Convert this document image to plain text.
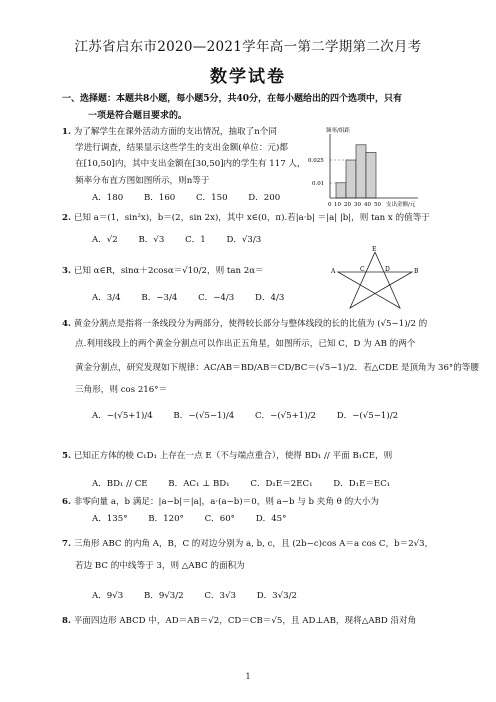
江苏省启东市2020—2021学年高一第二学期第二次月考
数学试卷
一、选择题：本题共8小题，每小题5分，共40分，在每小题给出的四个选项中，只有
一项是符合题目要求的。
1. 为了解学生在课外活动方面的支出情况，抽取了n个同
学进行调查，结果显示这些学生的支出金额(单位：元)都
在[10,50]内，其中支出金额在[30,50]内的学生有 117 人，
频率分布直方图如图所示，则n等于
A．180 B．160 C．150 D．200
频率/组距
0.025
0.01
0 10 20 30 40 50 支出金额/元
2. 已知 a＝(1，sin²x)，b＝(2，sin 2x)，其中 x∈(0，π).若|a·b| ＝|a| |b|，则 tan x 的值等于
A．√2 B．√3 C．1 D．√3/3
3. 已知 α∈R，sinα＋2cosα＝√10/2，则 tan 2α＝
A．3/4 B．−3/4 C．−4/3 D．4/3
E
A	C	D	B
4. 黄金分割点是指将一条线段分为两部分，使得较长部分与整体线段的长的比值为 (√5−1)/2 的
点.利用线段上的两个黄金分割点可以作出正五角星，如图所示，已知 C，D 为 AB 的两个
黄金分割点，研究发现如下规律：AC/AB＝BD/AB＝CD/BC＝(√5−1)/2．若△CDE 是顶角为 36°的等腰
三角形，则 cos 216°＝
A．−(√5+1)/4 B．−(√5−1)/4 C．−(√5+1)/2 D．−(√5−1)/2
5. 已知正方体的棱 C₁D₁ 上存在一点 E（不与端点重合），使得 BD₁ // 平面 B₁CE，则
A．BD₁ // CE B．AC₁ ⊥ BD₁ C．D₁E＝2EC₁ D．D₁E＝EC₁
6. 非零向量 a，b 满足：|a−b|＝|a|，a·(a−b)＝0，则 a−b 与 b 夹角 θ 的大小为
A．135° B．120° C．60° D．45°
7. 三角形 ABC 的内角 A，B，C 的对边分别为 a, b, c，且 (2b−c)cos A＝a cos C，b＝2√3，
若边 BC 的中线等于 3，则 △ABC 的面积为
A．9√3 B．9√3/2 C．3√3 D．3√3/2
8. 平面四边形 ABCD 中，AD＝AB＝√2，CD＝CB＝√5，且 AD⊥AB，现将△ABD 沿对角
1
